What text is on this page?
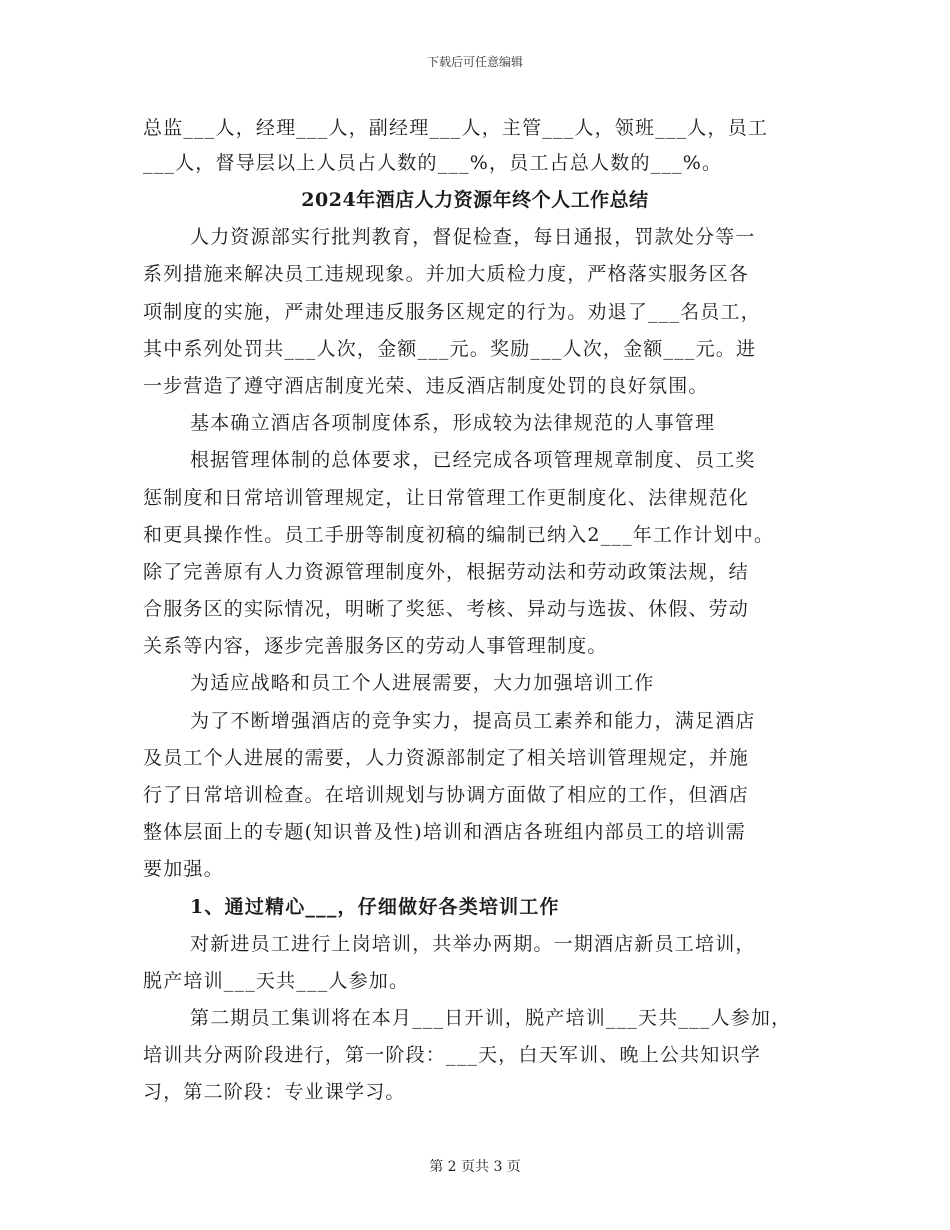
下载后可任意编辑
总监___人，经理___人，副经理___人，主管___人，领班___人，员工
___人，督导层以上人员占人数的___%，员工占总人数的___%。
2024年酒店人力资源年终个人工作总结
人力资源部实行批判教育，督促检查，每日通报，罚款处分等一
系列措施来解决员工违规现象。并加大质检力度，严格落实服务区各
项制度的实施，严肃处理违反服务区规定的行为。劝退了___名员工，
其中系列处罚共___人次，金额___元。奖励___人次，金额___元。进
一步营造了遵守酒店制度光荣、违反酒店制度处罚的良好氛围。
基本确立酒店各项制度体系，形成较为法律规范的人事管理
根据管理体制的总体要求，已经完成各项管理规章制度、员工奖
惩制度和日常培训管理规定，让日常管理工作更制度化、法律规范化
和更具操作性。员工手册等制度初稿的编制已纳入2___年工作计划中。
除了完善原有人力资源管理制度外，根据劳动法和劳动政策法规，结
合服务区的实际情况，明晰了奖惩、考核、异动与选拔、休假、劳动
关系等内容，逐步完善服务区的劳动人事管理制度。
为适应战略和员工个人进展需要，大力加强培训工作
为了不断增强酒店的竞争实力，提高员工素养和能力，满足酒店
及员工个人进展的需要，人力资源部制定了相关培训管理规定，并施
行了日常培训检查。在培训规划与协调方面做了相应的工作，但酒店
整体层面上的专题(知识普及性)培训和酒店各班组内部员工的培训需
要加强。
1、通过精心___，仔细做好各类培训工作
对新进员工进行上岗培训，共举办两期。一期酒店新员工培训，
脱产培训___天共___人参加。
第二期员工集训将在本月___日开训，脱产培训___天共___人参加，
培训共分两阶段进行，第一阶段：___天，白天军训、晚上公共知识学
习，第二阶段：专业课学习。
第 2 页共 3 页
